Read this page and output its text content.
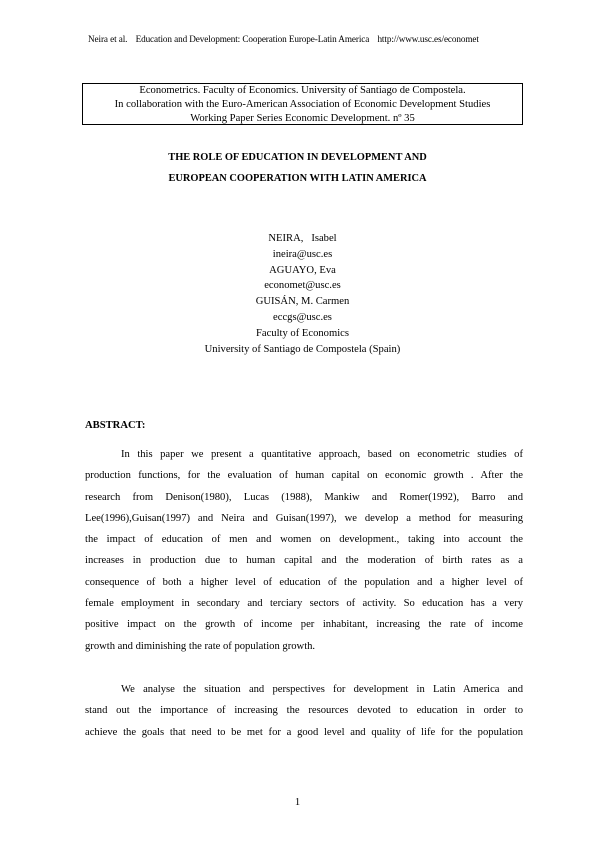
Neira et al. Education and Development: Cooperation Europe-Latin America http://www.usc.es/economet
Econometrics. Faculty of Economics. University of Santiago de Compostela.
In collaboration with the Euro-American Association of Economic Development Studies
Working Paper Series Economic Development. nº 35
THE ROLE OF EDUCATION IN DEVELOPMENT AND
EUROPEAN COOPERATION WITH LATIN AMERICA
NEIRA,   Isabel
ineira@usc.es
AGUAYO, Eva
economet@usc.es
GUISÁN, M. Carmen
eccgs@usc.es
Faculty of Economics
University of Santiago de Compostela (Spain)
ABSTRACT:
In this paper we present a quantitative approach, based on econometric studies of
production functions, for the evaluation of human capital on economic growth . After the
research from Denison(1980), Lucas (1988), Mankiw and Romer(1992), Barro and
Lee(1996),Guisan(1997) and Neira and Guisan(1997), we develop a method for measuring
the impact of education of men and women on development., taking into account the
increases in production due to human capital and the moderation of birth rates as a
consequence of both a higher level of education of the population and a higher level of
female employment in secondary and terciary sectors of activity. So education has a very
positive impact on the growth of income per inhabitant, increasing the rate of income
growth and diminishing the rate of population growth.
We analyse the situation and perspectives for development in Latin America and
stand out the importance of increasing the resources devoted to education in order to
achieve the goals that need to be met for a good level and quality of life for the population
1
